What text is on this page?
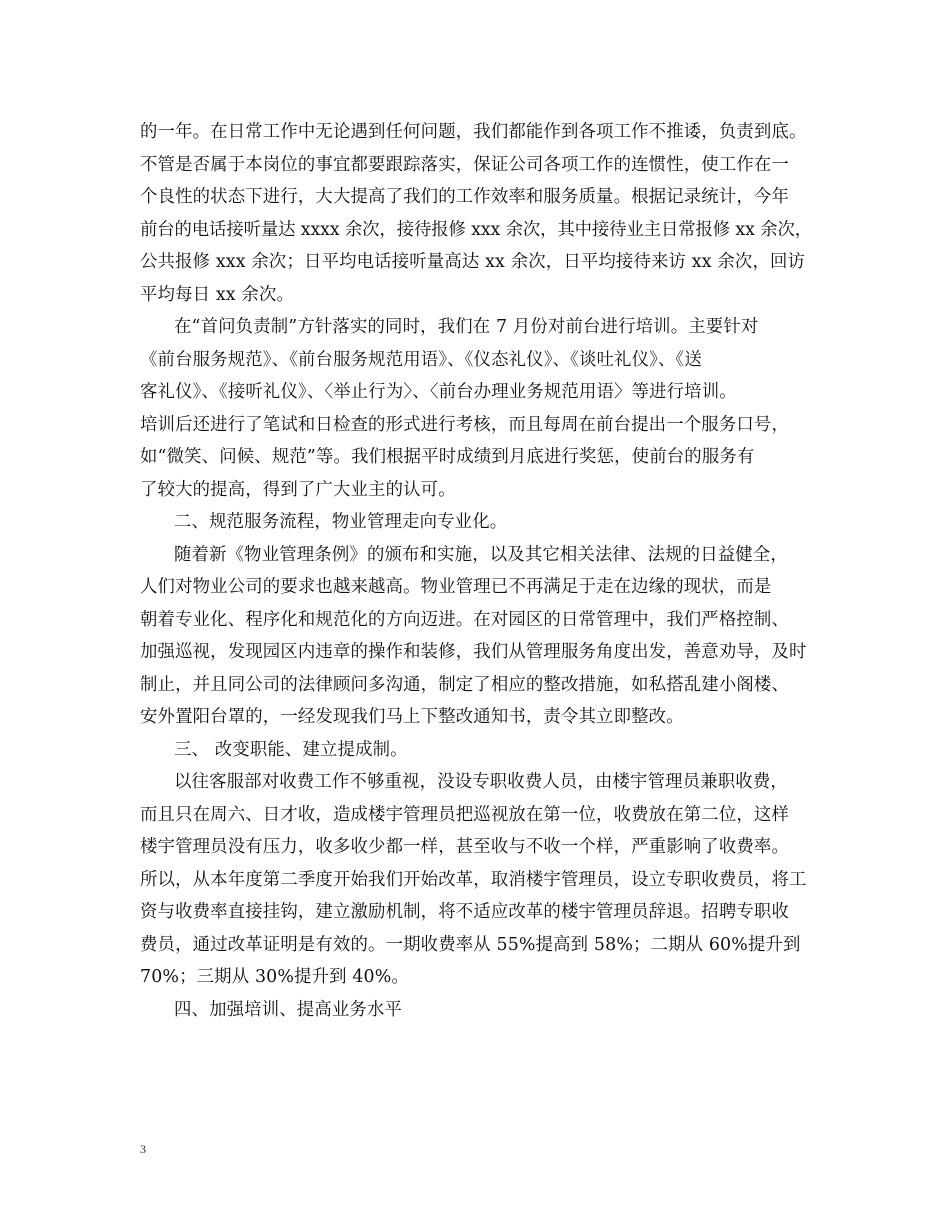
的一年。在日常工作中无论遇到任何问题，我们都能作到各项工作不推诿，负责到底。
不管是否属于本岗位的事宜都要跟踪落实，保证公司各项工作的连惯性，使工作在一
个良性的状态下进行，大大提高了我们的工作效率和服务质量。根据记录统计，今年
前台的电话接听量达 xxxx 余次，接待报修 xxx 余次，其中接待业主日常报修 xx 余次，
公共报修 xxx 余次；日平均电话接听量高达 xx 余次，日平均接待来访 xx 余次，回访
平均每日 xx 余次。
在“首问负责制”方针落实的同时，我们在 7 月份对前台进行培训。主要针对
《前台服务规范》、《前台服务规范用语》、《仪态礼仪》、《谈吐礼仪》、《送
客礼仪》、《接听礼仪》、〈举止行为〉、〈前台办理业务规范用语〉等进行培训。
培训后还进行了笔试和日检查的形式进行考核，而且每周在前台提出一个服务口号，
如“微笑、问候、规范”等。我们根据平时成绩到月底进行奖惩，使前台的服务有
了较大的提高，得到了广大业主的认可。
二、规范服务流程，物业管理走向专业化。
随着新《物业管理条例》的颁布和实施，以及其它相关法律、法规的日益健全，
人们对物业公司的要求也越来越高。物业管理已不再满足于走在边缘的现状，而是
朝着专业化、程序化和规范化的方向迈进。在对园区的日常管理中，我们严格控制、
加强巡视，发现园区内违章的操作和装修，我们从管理服务角度出发，善意劝导，及时
制止，并且同公司的法律顾问多沟通，制定了相应的整改措施，如私搭乱建小阁楼、
安外置阳台罩的，一经发现我们马上下整改通知书，责令其立即整改。
三、 改变职能、建立提成制。
以往客服部对收费工作不够重视，没设专职收费人员，由楼宇管理员兼职收费，
而且只在周六、日才收，造成楼宇管理员把巡视放在第一位，收费放在第二位，这样
楼宇管理员没有压力，收多收少都一样，甚至收与不收一个样，严重影响了收费率。
所以，从本年度第二季度开始我们开始改革，取消楼宇管理员，设立专职收费员，将工
资与收费率直接挂钩，建立激励机制，将不适应改革的楼宇管理员辞退。招聘专职收
费员，通过改革证明是有效的。一期收费率从 55%提高到 58%；二期从 60%提升到
70%；三期从 30%提升到 40%。
四、加强培训、提高业务水平
3
